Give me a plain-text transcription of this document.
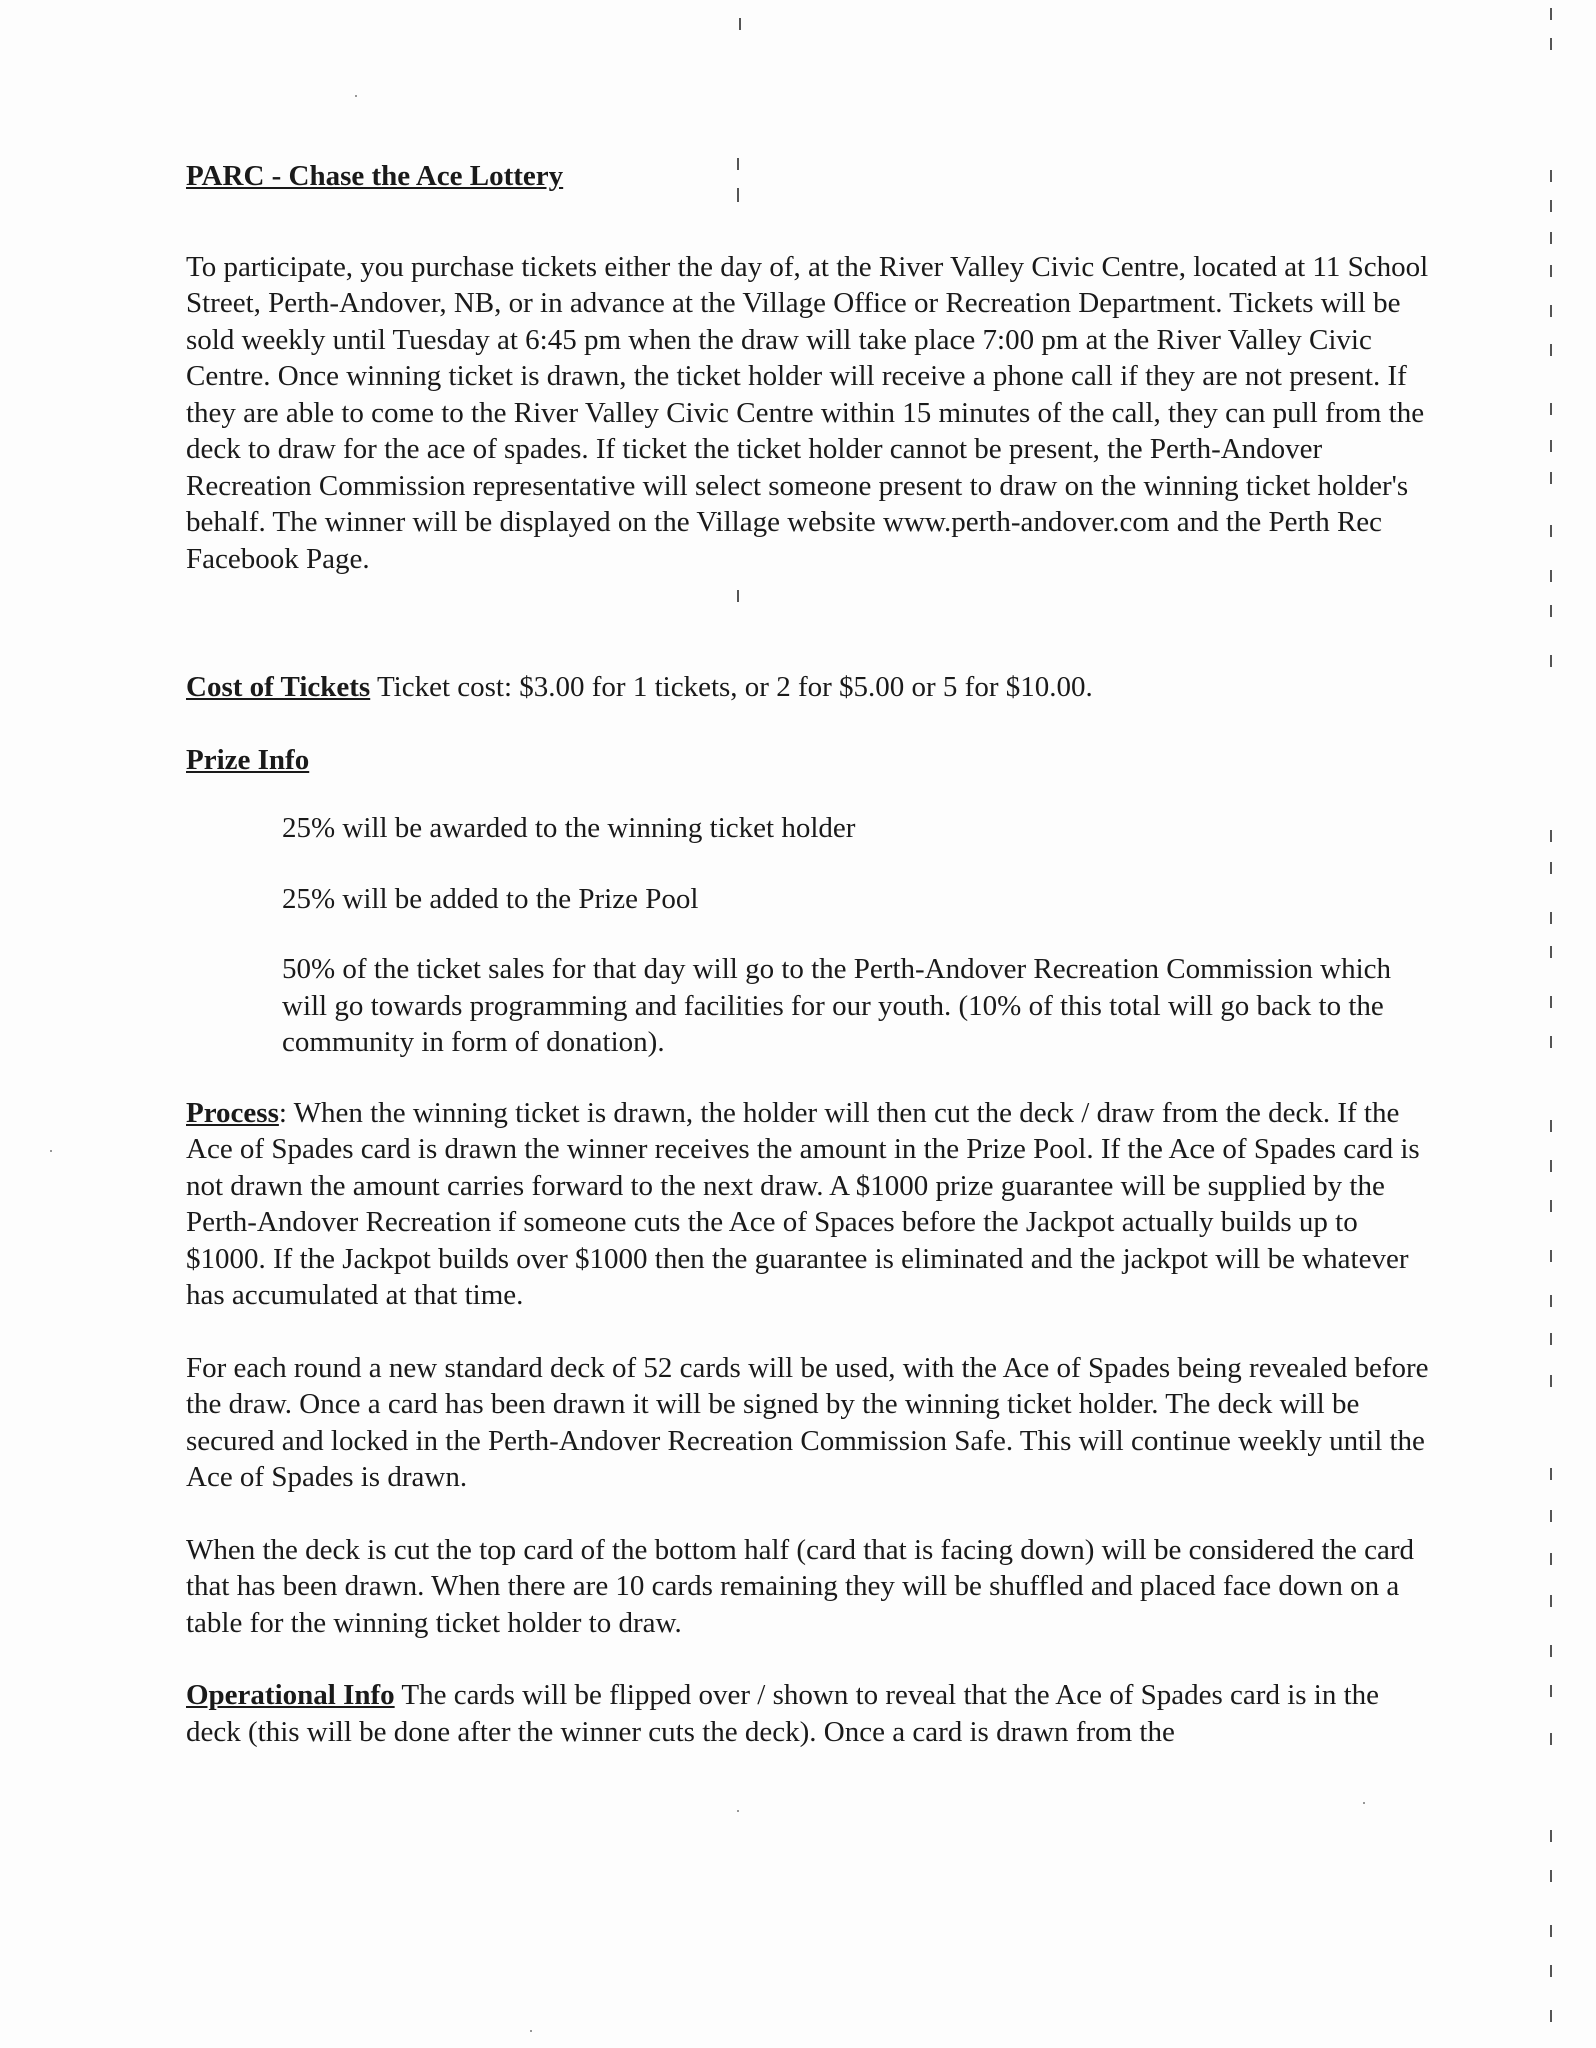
PARC - Chase the Ace Lottery

To participate, you purchase tickets either the day of, at the River Valley Civic Centre, located at 11 School Street, Perth-Andover, NB, or in advance at the Village Office or Recreation Department. Tickets will be sold weekly until Tuesday at 6:45 pm when the draw will take place 7:00 pm at the River Valley Civic Centre. Once winning ticket is drawn, the ticket holder will receive a phone call if they are not present. If they are able to come to the River Valley Civic Centre within 15 minutes of the call, they can pull from the deck to draw for the ace of spades. If ticket the ticket holder cannot be present, the Perth-Andover Recreation Commission representative will select someone present to draw on the winning ticket holder's behalf. The winner will be displayed on the Village website www.perth-andover.com and the Perth Rec Facebook Page.

Cost of Tickets Ticket cost: $3.00 for 1 tickets, or 2 for $5.00 or 5 for $10.00.

Prize Info

25% will be awarded to the winning ticket holder

25% will be added to the Prize Pool

50% of the ticket sales for that day will go to the Perth-Andover Recreation Commission which will go towards programming and facilities for our youth. (10% of this total will go back to the community in form of donation).

Process: When the winning ticket is drawn, the holder will then cut the deck / draw from the deck. If the Ace of Spades card is drawn the winner receives the amount in the Prize Pool. If the Ace of Spades card is not drawn the amount carries forward to the next draw. A $1000 prize guarantee will be supplied by the Perth-Andover Recreation if someone cuts the Ace of Spaces before the Jackpot actually builds up to $1000. If the Jackpot builds over $1000 then the guarantee is eliminated and the jackpot will be whatever has accumulated at that time.

For each round a new standard deck of 52 cards will be used, with the Ace of Spades being revealed before the draw. Once a card has been drawn it will be signed by the winning ticket holder. The deck will be secured and locked in the Perth-Andover Recreation Commission Safe. This will continue weekly until the Ace of Spades is drawn.

When the deck is cut the top card of the bottom half (card that is facing down) will be considered the card that has been drawn. When there are 10 cards remaining they will be shuffled and placed face down on a table for the winning ticket holder to draw.

Operational Info The cards will be flipped over / shown to reveal that the Ace of Spades card is in the deck (this will be done after the winner cuts the deck). Once a card is drawn from the
